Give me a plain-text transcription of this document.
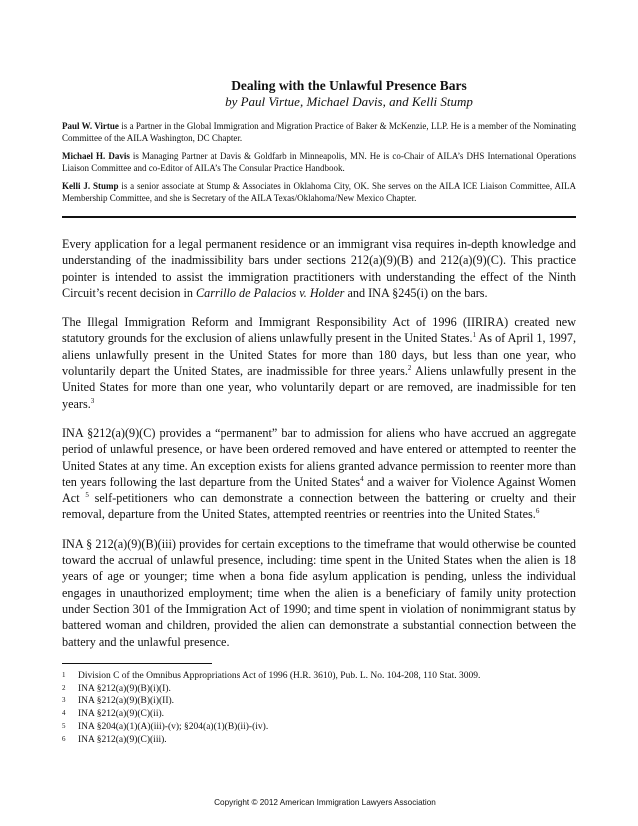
Dealing with the Unlawful Presence Bars
by Paul Virtue, Michael Davis, and Kelli Stump

Paul W. Virtue is a Partner in the Global Immigration and Migration Practice of Baker & McKenzie, LLP. He is a member of the Nominating Committee of the AILA Washington, DC Chapter.

Michael H. Davis is Managing Partner at Davis & Goldfarb in Minneapolis, MN. He is co-Chair of AILA’s DHS International Operations Liaison Committee and co-Editor of AILA’s The Consular Practice Handbook.

Kelli J. Stump is a senior associate at Stump & Associates in Oklahoma City, OK. She serves on the AILA ICE Liaison Committee, AILA Membership Committee, and she is Secretary of the AILA Texas/Oklahoma/New Mexico Chapter.

Every application for a legal permanent residence or an immigrant visa requires in-depth knowledge and understanding of the inadmissibility bars under sections 212(a)(9)(B) and 212(a)(9)(C). This practice pointer is intended to assist the immigration practitioners with understanding the effect of the Ninth Circuit’s recent decision in Carrillo de Palacios v. Holder and INA §245(i) on the bars.

The Illegal Immigration Reform and Immigrant Responsibility Act of 1996 (IIRIRA) created new statutory grounds for the exclusion of aliens unlawfully present in the United States.$^1$ As of April 1, 1997, aliens unlawfully present in the United States for more than 180 days, but less than one year, who voluntarily depart the United States, are inadmissible for three years.$^2$ Aliens unlawfully present in the United States for more than one year, who voluntarily depart or are removed, are inadmissible for ten years.$^3$

INA §212(a)(9)(C) provides a “permanent” bar to admission for aliens who have accrued an aggregate period of unlawful presence, or have been ordered removed and have entered or attempted to reenter the United States at any time. An exception exists for aliens granted advance permission to reenter more than ten years following the last departure from the United States$^4$ and a waiver for Violence Against Women Act $^5$ self-petitioners who can demonstrate a connection between the battering or cruelty and their removal, departure from the United States, attempted reentries or reentries into the United States.$^6$

INA § 212(a)(9)(B)(iii) provides for certain exceptions to the timeframe that would otherwise be counted toward the accrual of unlawful presence, including: time spent in the United States when the alien is 18 years of age or younger; time when a bona fide asylum application is pending, unless the individual engages in unauthorized employment; time when the alien is a beneficiary of family unity protection under Section 301 of the Immigration Act of 1990; and time spent in violation of nonimmigrant status by battered woman and children, provided the alien can demonstrate a substantial connection between the battery and the unlawful presence.

1	Division C of the Omnibus Appropriations Act of 1996 (H.R. 3610), Pub. L. No. 104-208, 110 Stat. 3009.
2	INA §212(a)(9)(B)(i)(I).
3	INA §212(a)(9)(B)(i)(II).
4	INA §212(a)(9)(C)(ii).
5	INA §204(a)(1)(A)(iii)-(v); §204(a)(1)(B)(ii)-(iv).
6	INA §212(a)(9)(C)(iii).
Copyright © 2012 American Immigration Lawyers Association
